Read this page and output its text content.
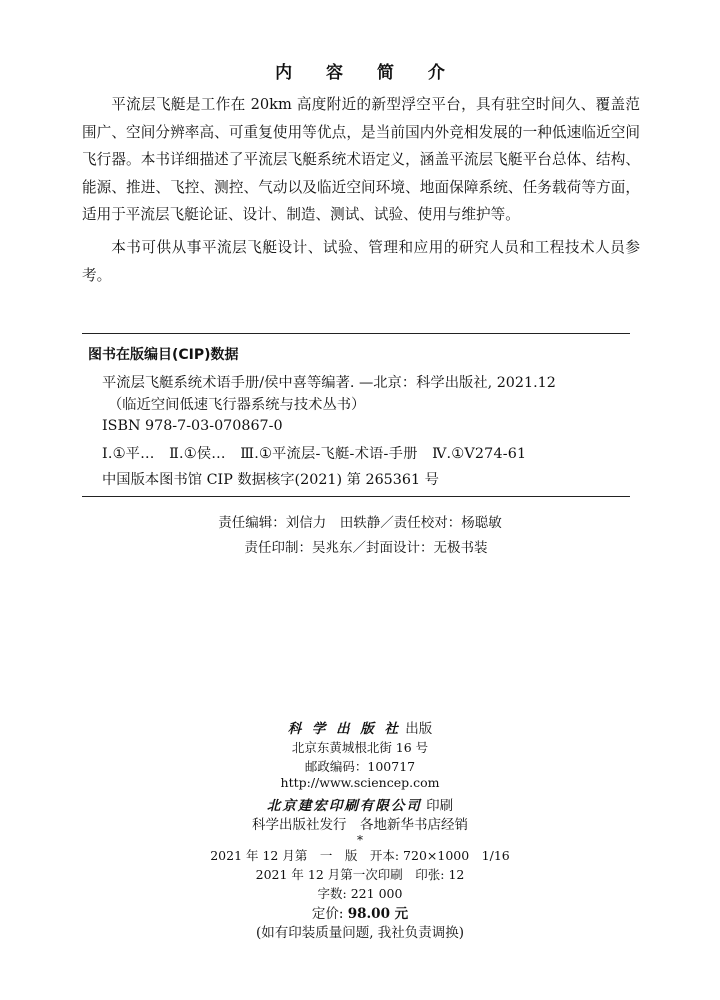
内 容 简 介

平流层飞艇是工作在 20km 高度附近的新型浮空平台，具有驻空时间久、覆盖范围广、空间分辨率高、可重复使用等优点，是当前国内外竞相发展的一种低速临近空间飞行器。本书详细描述了平流层飞艇系统术语定义，涵盖平流层飞艇平台总体、结构、能源、推进、飞控、测控、气动以及临近空间环境、地面保障系统、任务载荷等方面，适用于平流层飞艇论证、设计、制造、测试、试验、使用与维护等。

本书可供从事平流层飞艇设计、试验、管理和应用的研究人员和工程技术人员参考。

图书在版编目(CIP)数据
平流层飞艇系统术语手册/侯中喜等编著. —北京：科学出版社, 2021.12
（临近空间低速飞行器系统与技术丛书）
ISBN 978-7-03-070867-0
Ⅰ.①平…　Ⅱ.①侯…　Ⅲ.①平流层-飞艇-术语-手册　Ⅳ.①V274-61
中国版本图书馆 CIP 数据核字(2021) 第 265361 号
责任编辑：刘信力　田轶静／责任校对：杨聪敏
责任印制：吴兆东／封面设计：无极书装
科 学 出 版 社 出版
北京东黄城根北街 16 号
邮政编码：100717
http://www.sciencep.com
北京建宏印刷有限公司 印刷
科学出版社发行　各地新华书店经销
*
2021 年 12 月第　一　版　开本: 720×1000　1/16
2021 年 12 月第一次印刷　印张: 12
字数: 221 000
定价: 98.00 元
(如有印装质量问题, 我社负责调换)
